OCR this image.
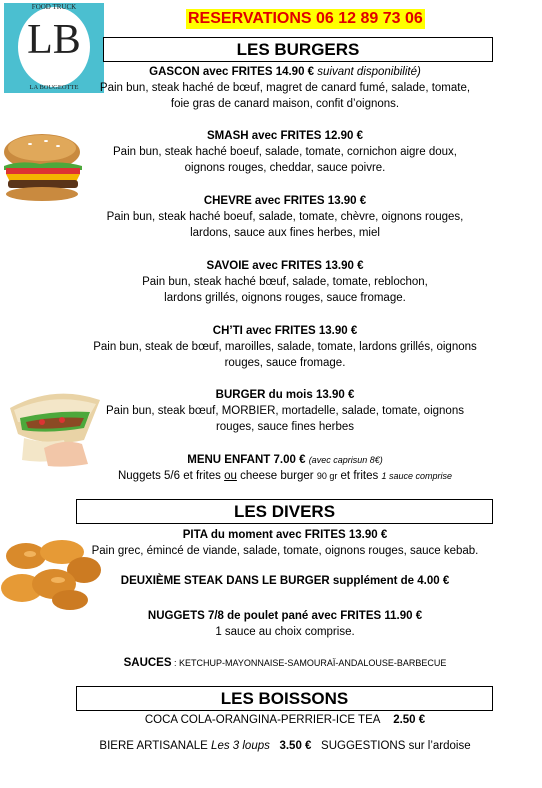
FOOD TRUCK
LB
LA BOUGEOTTE
RESERVATIONS 06 12 89 73 06
LES BURGERS
GASCON avec FRITES 14.90 € suivant disponibilité)
Pain bun, steak haché de bœuf, magret de canard fumé, salade, tomate,
foie gras de canard maison, confit d’oignons.
SMASH avec FRITES 12.90 €
Pain bun, steak haché boeuf, salade, tomate, cornichon aigre doux,
oignons rouges, cheddar, sauce poivre.
CHEVRE avec FRITES 13.90 €
Pain bun, steak haché boeuf, salade, tomate, chèvre, oignons rouges,
lardons, sauce aux fines herbes, miel
SAVOIE avec FRITES 13.90 €
Pain bun, steak haché bœuf, salade, tomate, reblochon,
lardons grillés, oignons rouges, sauce fromage.
CH’TI avec FRITES 13.90 €
Pain bun, steak de bœuf, maroilles, salade, tomate, lardons grillés, oignons
rouges, sauce fromage.
BURGER du mois 13.90 €
Pain bun, steak bœuf, MORBIER, mortadelle, salade, tomate, oignons
rouges, sauce fines herbes
MENU ENFANT 7.00 € (avec caprisun 8€)
Nuggets 5/6 et frites ou cheese burger 90 gr et frites 1 sauce comprise
LES DIVERS
PITA du moment avec FRITES 13.90 €
Pain grec, émincé de viande, salade, tomate, oignons rouges, sauce kebab.
DEUXIÈME STEAK DANS LE BURGER supplément de 4.00 €
NUGGETS 7/8 de poulet pané avec FRITES 11.90 €
1 sauce au choix comprise.
SAUCES : KETCHUP-MAYONNAISE-SAMOURAÏ-ANDALOUSE-BARBECUE
LES BOISSONS
COCA COLA-ORANGINA-PERRIER-ICE TEA 2.50 €
BIERE ARTISANALE Les 3 loups 3.50 € SUGGESTIONS sur l’ardoise
